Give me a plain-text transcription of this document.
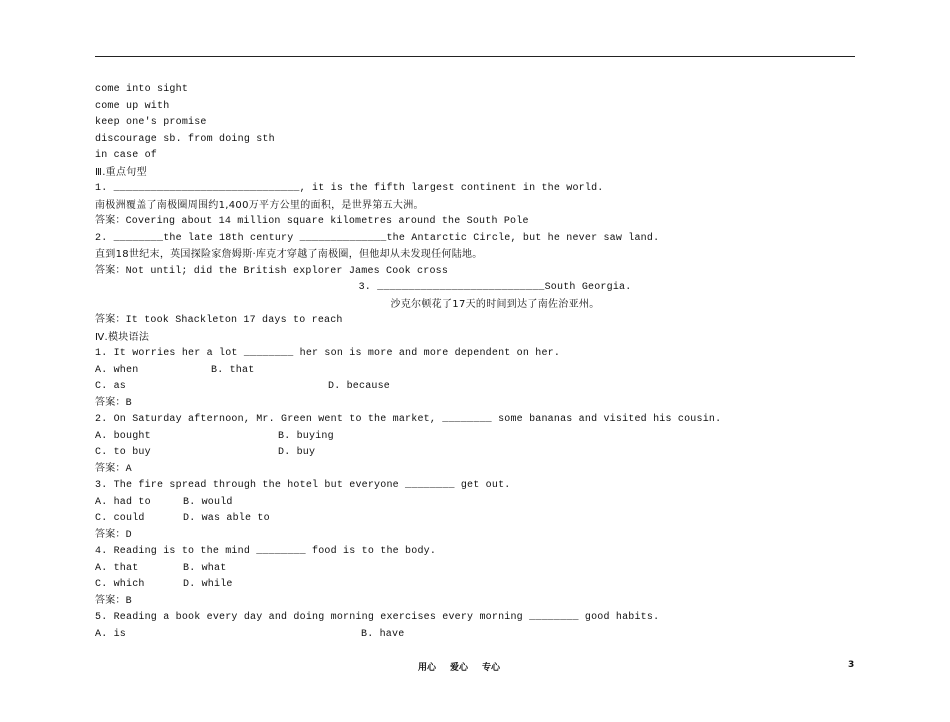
come into sight
come up with
keep one's promise
discourage sb. from doing sth
in case of
Ⅲ.重点句型
1. ______________________________, it is the fifth largest continent in the world.
南极洲覆盖了南极圈周围约1,400万平方公里的面积，是世界第五大洲。
答案：Covering about 14 million square kilometres around the South Pole
2. ________the late 18th century ______________the Antarctic Circle, but he never saw land.
直到18世纪末，英国探险家詹姆斯·库克才穿越了南极圈，但他却从未发现任何陆地。
答案：Not until; did the British explorer James Cook cross
3. ___________________________South Georgia.
沙克尔顿花了17天的时间到达了南佐治亚州。
答案：It took Shackleton 17 days to reach
Ⅳ.模块语法
1. It worries her a lot ________ her son is more and more dependent on her.
A. when	B. that
C. as	D. because
答案：B
2. On Saturday afternoon, Mr. Green went to the market, ________ some bananas and visited his cousin.
A. bought	B. buying
C. to buy	D. buy
答案：A
3. The fire spread through the hotel but everyone ________ get out.
A. had to	B. would
C. could	D. was able to
答案：D
4. Reading is to the mind ________ food is to the body.
A. that	B. what
C. which	D. while
答案：B
5. Reading a book every day and doing morning exercises every morning ________ good habits.
A. is	B. have
用心 爱心 专心	3
